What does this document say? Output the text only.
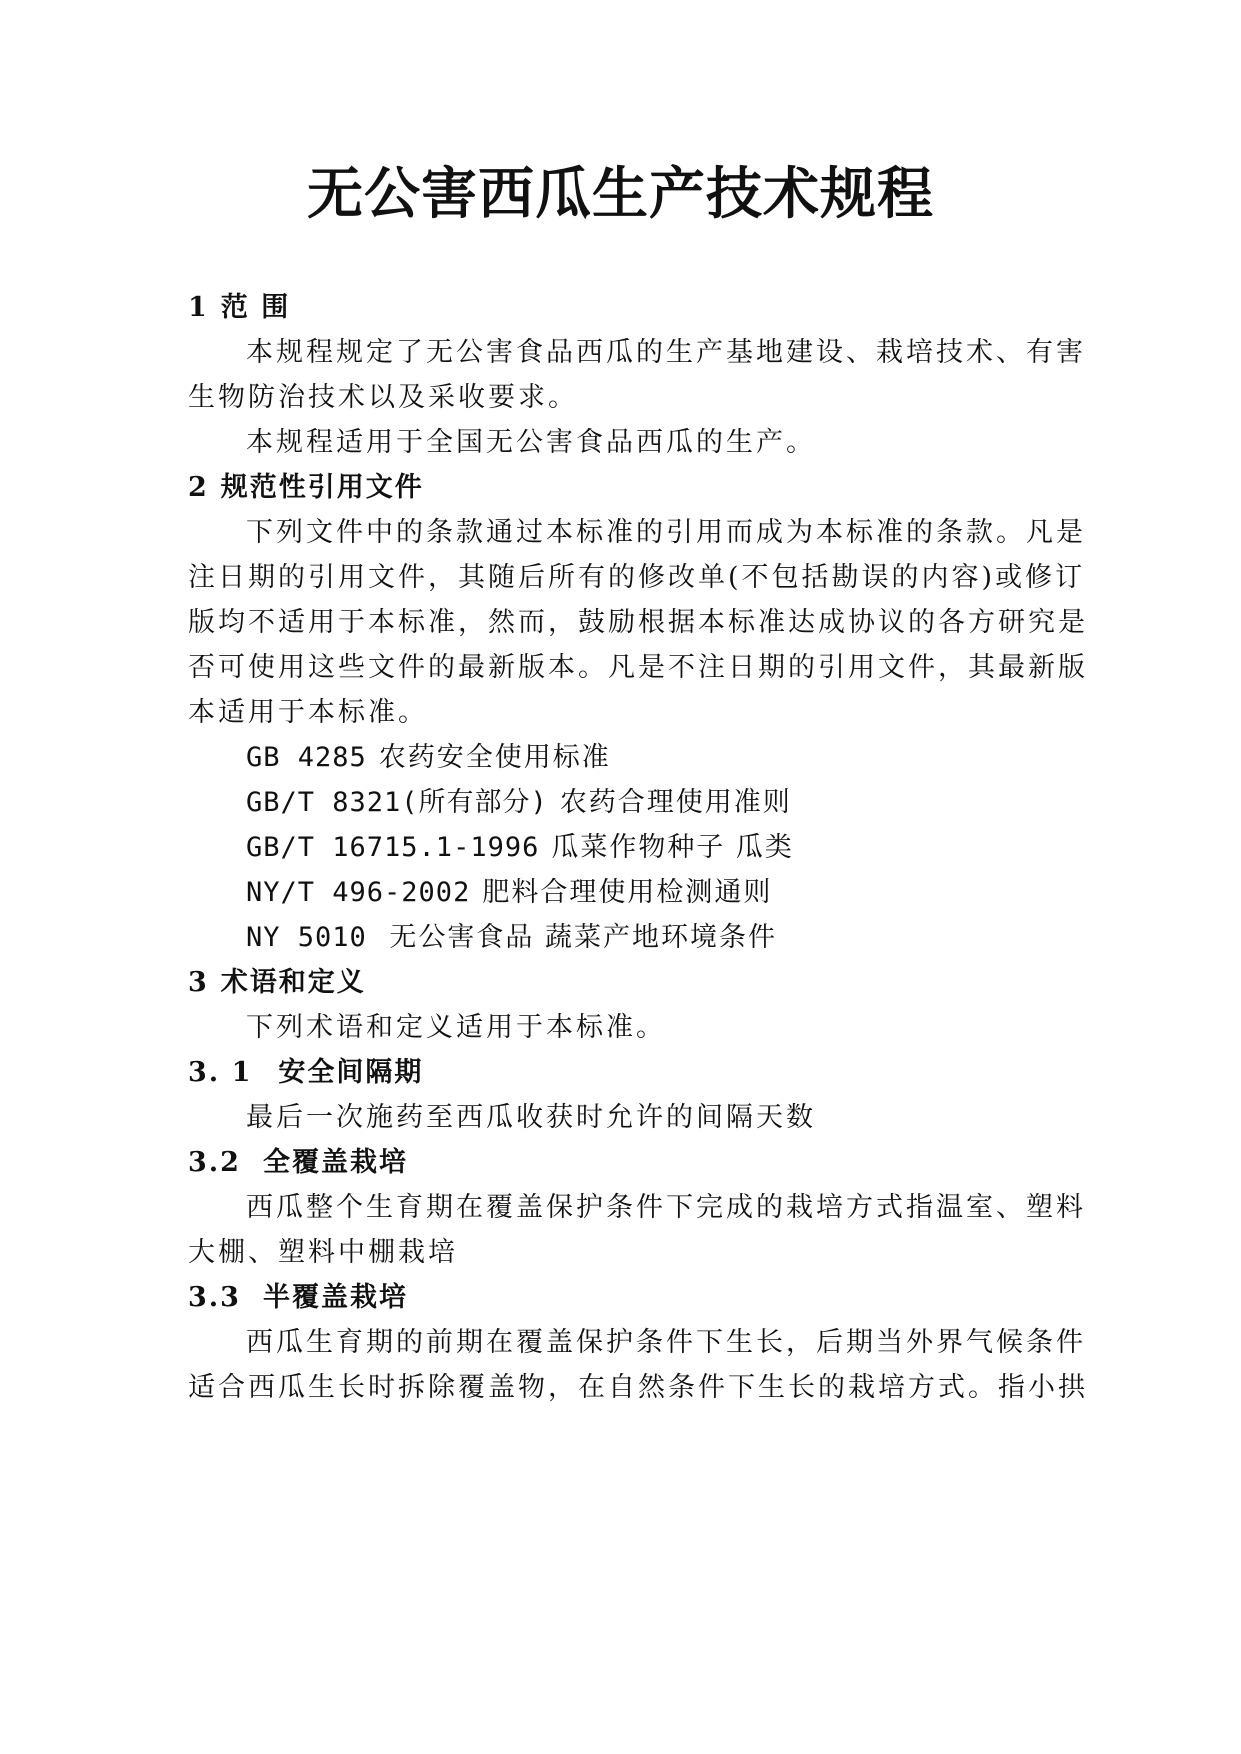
无公害西瓜生产技术规程
1 范 围
本规程规定了无公害食品西瓜的生产基地建设、栽培技术、有害
生物防治技术以及采收要求。
本规程适用于全国无公害食品西瓜的生产。
2 规范性引用文件
下列文件中的条款通过本标准的引用而成为本标准的条款。凡是
注日期的引用文件，其随后所有的修改单(不包括勘误的内容)或修订
版均不适用于本标准，然而，鼓励根据本标准达成协议的各方研究是
否可使用这些文件的最新版本。凡是不注日期的引用文件，其最新版
本适用于本标准。
GB 4285 农药安全使用标准
GB/T 8321(所有部分) 农药合理使用准则
GB/T 16715.1-1996 瓜菜作物种子 瓜类
NY/T 496-2002 肥料合理使用检测通则
NY 5010 无公害食品 蔬菜产地环境条件
3 术语和定义
下列术语和定义适用于本标准。
3. 1 安全间隔期
最后一次施药至西瓜收获时允许的间隔天数
3.2 全覆盖栽培
西瓜整个生育期在覆盖保护条件下完成的栽培方式指温室、塑料
大棚、塑料中棚栽培
3.3 半覆盖栽培
西瓜生育期的前期在覆盖保护条件下生长，后期当外界气候条件
适合西瓜生长时拆除覆盖物，在自然条件下生长的栽培方式。指小拱
